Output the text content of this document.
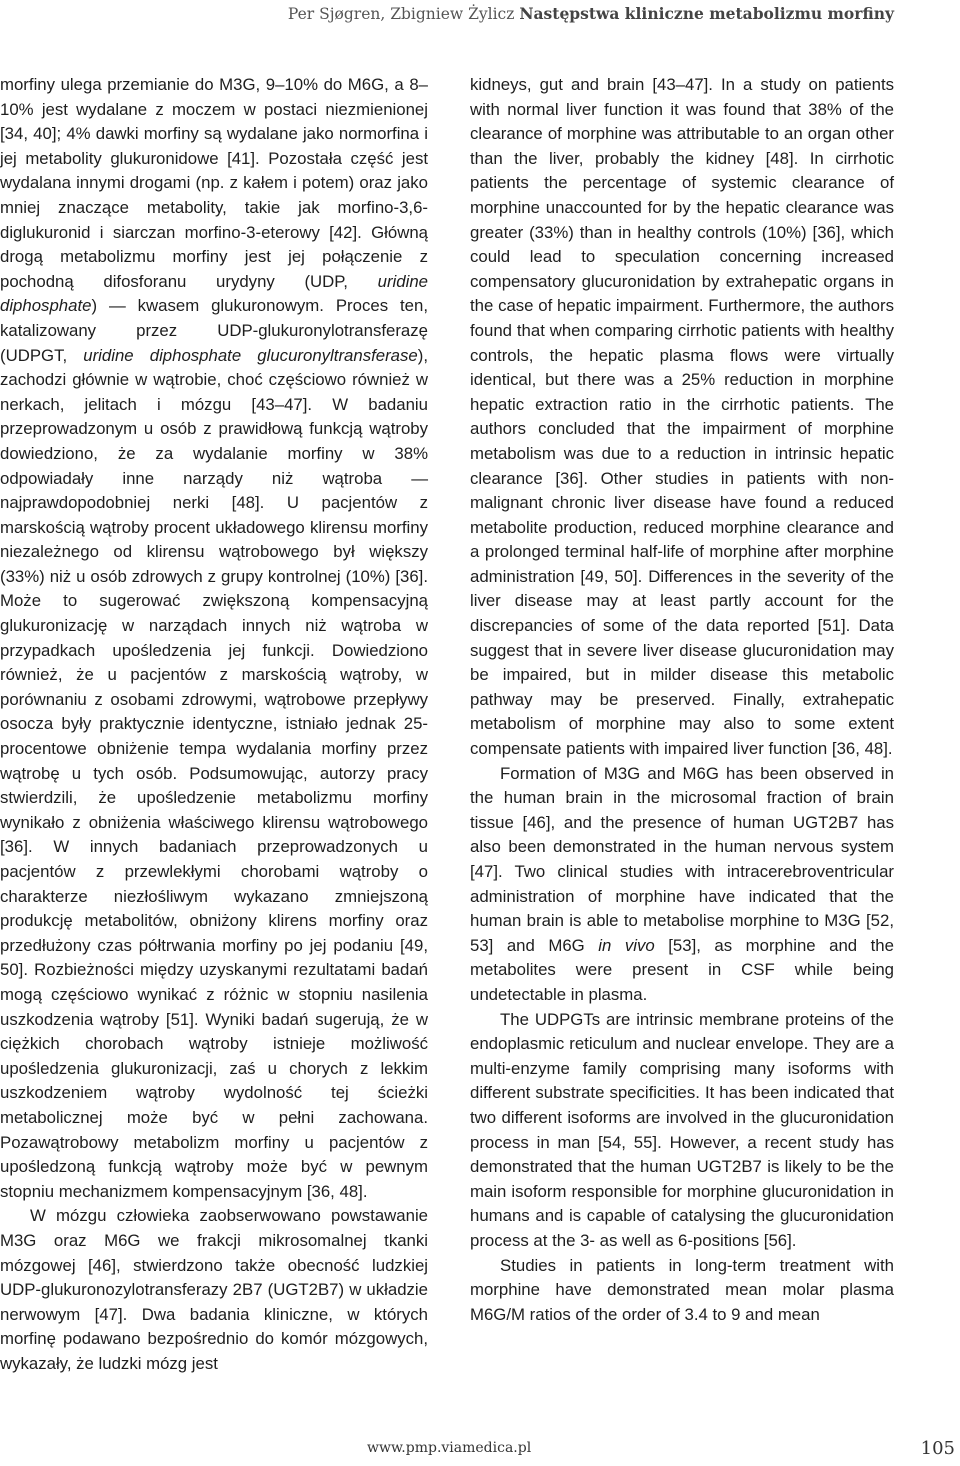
Per Sjøgren, Zbigniew Żylicz Następstwa kliniczne metabolizmu morfiny

morfiny ulega przemianie do M3G, 9–10% do M6G, a 8–10% jest wydalane z moczem w postaci niezmienionej [34, 40]; 4% dawki morfiny są wydalane jako normorfina i jej metabolity glukuronidowe [41]. Pozostała część jest wydalana innymi drogami (np. z kałem i potem) oraz jako mniej znaczące metabolity, takie jak morfino-3,6-diglukuronid i siarczan morfino-3-eterowy [42]. Główną drogą metabolizmu morfiny jest jej połączenie z pochodną difosforanu urydyny (UDP, uridine diphosphate) — kwasem glukuronowym. Proces ten, katalizowany przez UDP-glukuronylotransferazę (UDPGT, uridine diphosphate glucuronyltransferase), zachodzi głównie w wątrobie, choć częściowo również w nerkach, jelitach i mózgu [43–47]. W badaniu przeprowadzonym u osób z prawidłową funkcją wątroby dowiedziono, że za wydalanie morfiny w 38% odpowiadały inne narządy niż wątroba — najprawdopodobniej nerki [48]. U pacjentów z marskością wątroby procent układowego klirensu morfiny niezależnego od klirensu wątrobowego był większy (33%) niż u osób zdrowych z grupy kontrolnej (10%) [36]. Może to sugerować zwiększoną kompensacyjną glukuronizację w narządach innych niż wątroba w przypadkach upośledzenia jej funkcji. Dowiedziono również, że u pacjentów z marskością wątroby, w porównaniu z osobami zdrowymi, wątrobowe przepływy osocza były praktycznie identyczne, istniało jednak 25-procentowe obniżenie tempa wydalania morfiny przez wątrobę u tych osób. Podsumowując, autorzy pracy stwierdzili, że upośledzenie metabolizmu morfiny wynikało z obniżenia właściwego klirensu wątrobowego [36]. W innych badaniach przeprowadzonych u pacjentów z przewlekłymi chorobami wątroby o charakterze niezłośliwym wykazano zmniejszoną produkcję metabolitów, obniżony klirens morfiny oraz przedłużony czas półtrwania morfiny po jej podaniu [49, 50]. Rozbieżności między uzyskanymi rezultatami badań mogą częściowo wynikać z różnic w stopniu nasilenia uszkodzenia wątroby [51]. Wyniki badań sugerują, że w ciężkich chorobach wątroby istnieje możliwość upośledzenia glukuronizacji, zaś u chorych z lekkim uszkodzeniem wątroby wydolność tej ścieżki metabolicznej może być w pełni zachowana. Pozawątrobowy metabolizm morfiny u pacjentów z upośledzoną funkcją wątroby może być w pewnym stopniu mechanizmem kompensacyjnym [36, 48].

W mózgu człowieka zaobserwowano powstawanie M3G oraz M6G we frakcji mikrosomalnej tkanki mózgowej [46], stwierdzono także obecność ludzkiej UDP-glukuronozylotransferazy 2B7 (UGT2B7) w układzie nerwowym [47]. Dwa badania kliniczne, w których morfinę podawano bezpośrednio do komór mózgowych, wykazały, że ludzki mózg jest

kidneys, gut and brain [43–47]. In a study on patients with normal liver function it was found that 38% of the clearance of morphine was attributable to an organ other than the liver, probably the kidney [48]. In cirrhotic patients the percentage of systemic clearance of morphine unaccounted for by the hepatic clearance was greater (33%) than in healthy controls (10%) [36], which could lead to speculation concerning increased compensatory glucuronidation by extrahepatic organs in the case of hepatic impairment. Furthermore, the authors found that when comparing cirrhotic patients with healthy controls, the hepatic plasma flows were virtually identical, but there was a 25% reduction in morphine hepatic extraction ratio in the cirrhotic patients. The authors concluded that the impairment of morphine metabolism was due to a reduction in intrinsic hepatic clearance [36]. Other studies in patients with non-malignant chronic liver disease have found a reduced metabolite production, reduced morphine clearance and a prolonged terminal half-life of morphine after morphine administration [49, 50]. Differences in the severity of the liver disease may at least partly account for the discrepancies of some of the data reported [51]. Data suggest that in severe liver disease glucuronidation may be impaired, but in milder disease this metabolic pathway may be preserved. Finally, extrahepatic metabolism of morphine may also to some extent compensate patients with impaired liver function [36, 48].

Formation of M3G and M6G has been observed in the human brain in the microsomal fraction of brain tissue [46], and the presence of human UGT2B7 has also been demonstrated in the human nervous system [47]. Two clinical studies with intracerebroventricular administration of morphine have indicated that the human brain is able to metabolise morphine to M3G [52, 53] and M6G in vivo [53], as morphine and the metabolites were present in CSF while being undetectable in plasma.

The UDPGTs are intrinsic membrane proteins of the endoplasmic reticulum and nuclear envelope. They are a multi-enzyme family comprising many isoforms with different substrate specificities. It has been indicated that two different isoforms are involved in the glucuronidation process in man [54, 55]. However, a recent study has demonstrated that the human UGT2B7 is likely to be the main isoform responsible for morphine glucuronidation in humans and is capable of catalysing the glucuronidation process at the 3- as well as 6-positions [56].

Studies in patients in long-term treatment with morphine have demonstrated mean molar plasma M6G/M ratios of the order of 3.4 to 9 and mean

www.pmp.viamedica.pl	105
